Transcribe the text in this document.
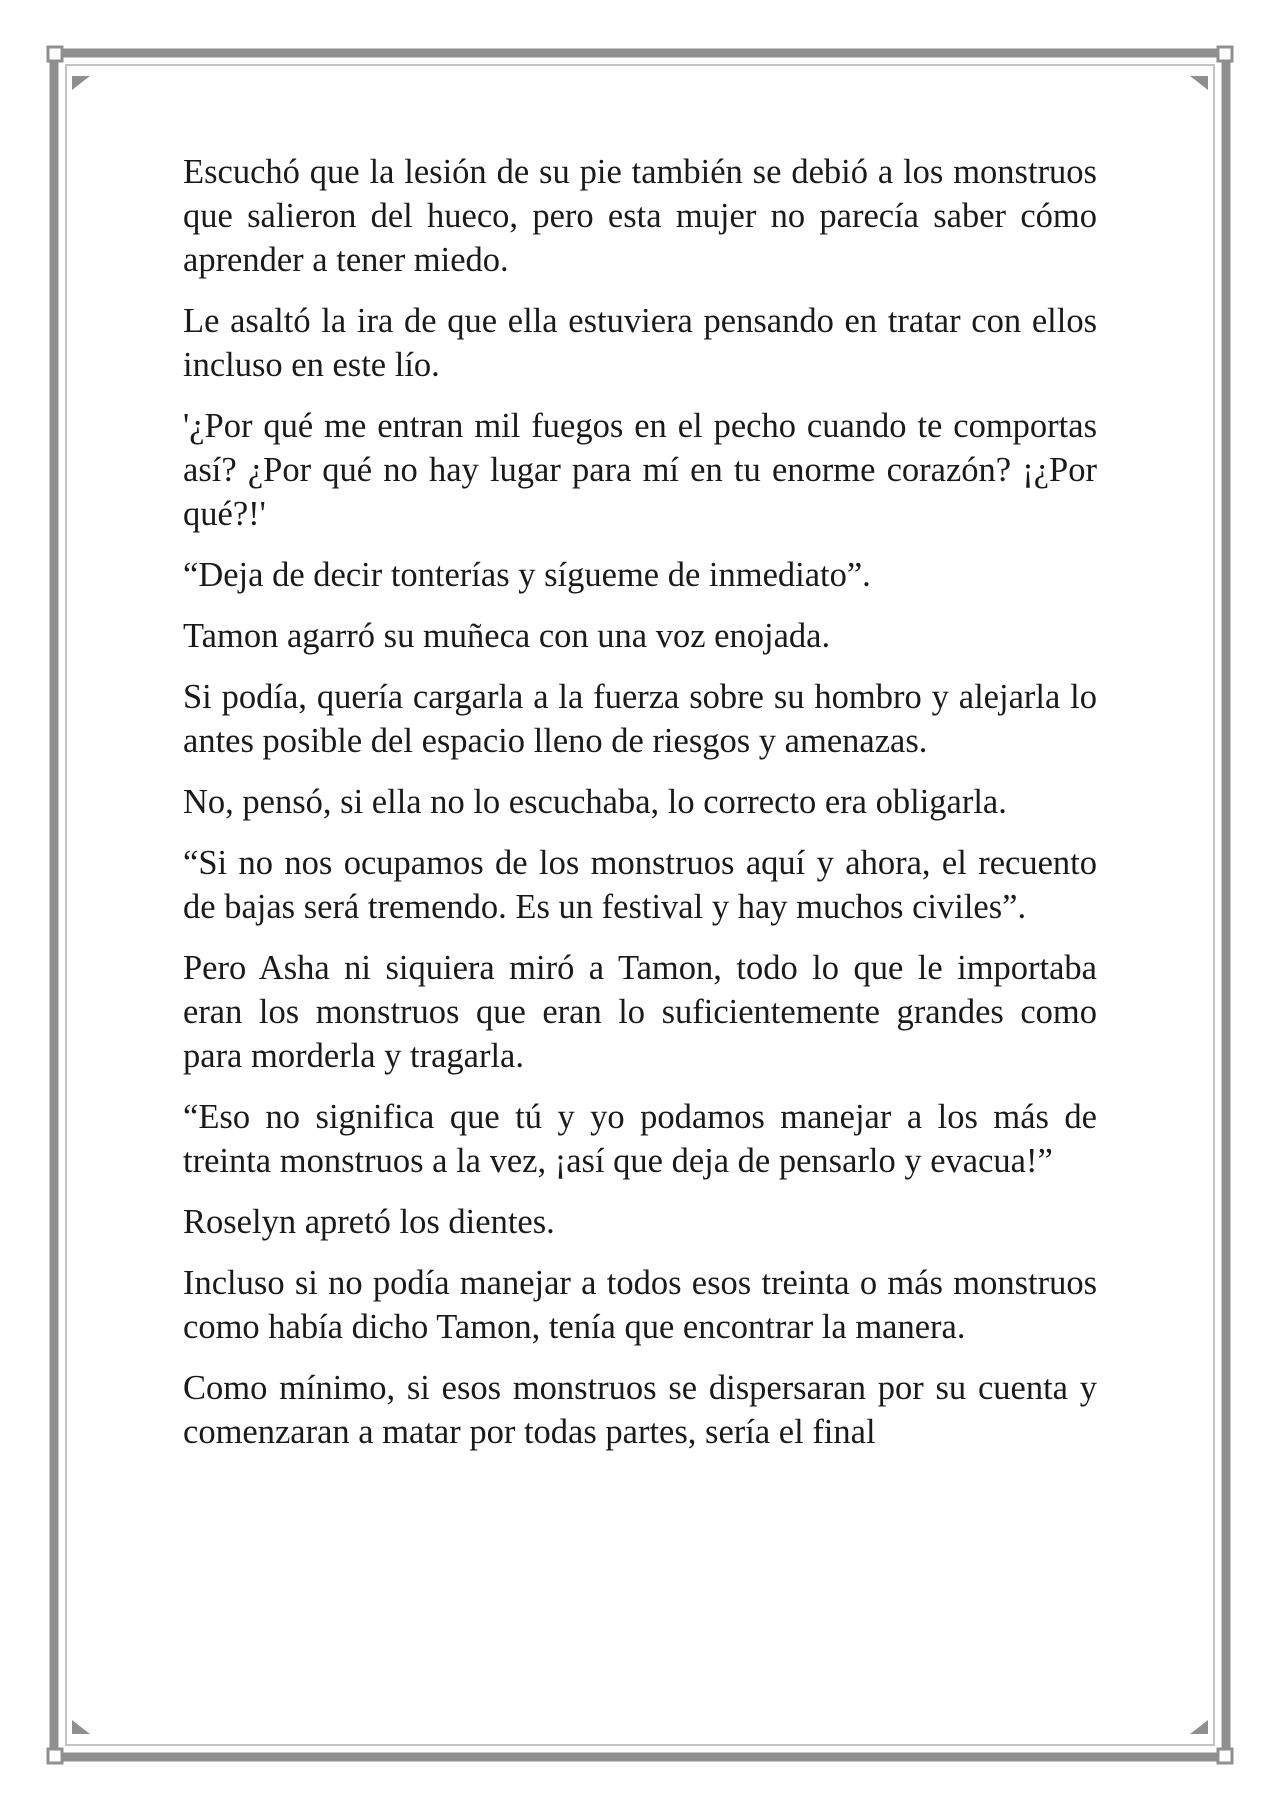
Escuchó que la lesión de su pie también se debió a los monstruos que salieron del hueco, pero esta mujer no parecía saber cómo aprender a tener miedo.

Le asaltó la ira de que ella estuviera pensando en tratar con ellos incluso en este lío.

'¿Por qué me entran mil fuegos en el pecho cuando te comportas así? ¿Por qué no hay lugar para mí en tu enorme corazón? ¡¿Por qué?!'

“Deja de decir tonterías y sígueme de inmediato”.

Tamon agarró su muñeca con una voz enojada.

Si podía, quería cargarla a la fuerza sobre su hombro y alejarla lo antes posible del espacio lleno de riesgos y amenazas.

No, pensó, si ella no lo escuchaba, lo correcto era obligarla.

“Si no nos ocupamos de los monstruos aquí y ahora, el recuento de bajas será tremendo. Es un festival y hay muchos civiles”.

Pero Asha ni siquiera miró a Tamon, todo lo que le importaba eran los monstruos que eran lo suficientemente grandes como para morderla y tragarla.

“Eso no significa que tú y yo podamos manejar a los más de treinta monstruos a la vez, ¡así que deja de pensarlo y evacua!”

Roselyn apretó los dientes.

Incluso si no podía manejar a todos esos treinta o más monstruos como había dicho Tamon, tenía que encontrar la manera.

Como mínimo, si esos monstruos se dispersaran por su cuenta y comenzaran a matar por todas partes, sería el final
